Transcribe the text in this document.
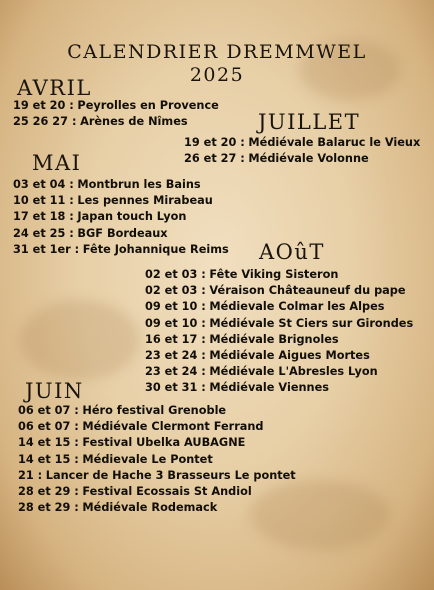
CALENDRIER DREMMWEL
2025
AVRIL
19 et 20 : Peyrolles en Provence
25 26 27 : Arènes de Nîmes	JUILLET
19 et 20 : Médiévale Balaruc le Vieux
26 et 27 : Médiévale Volonne
MAI
03 et 04 : Montbrun les Bains
10 et 11 : Les pennes Mirabeau
17 et 18 : Japan touch Lyon
24 et 25 : BGF Bordeaux
31 et 1er : Fête Johannique Reims AOûT
02 et 03 : Fête Viking Sisteron
02 et 03 : Véraison Châteauneuf du pape
09 et 10 : Médievale Colmar les Alpes
09 et 10 : Médiévale St Ciers sur Girondes
16 et 17 : Médiévale Brignoles
23 et 24 : Médiévale Aigues Mortes
23 et 24 : Médiévale L'Abresles Lyon
30 et 31 : Médiévale Viennes
JUIN
06 et 07 : Héro festival Grenoble
06 et 07 : Médiévale Clermont Ferrand
14 et 15 : Festival Ubelka AUBAGNE
14 et 15 : Médievale Le Pontet
21 : Lancer de Hache 3 Brasseurs Le pontet
28 et 29 : Festival Ecossais St Andiol
28 et 29 : Médiévale Rodemack
